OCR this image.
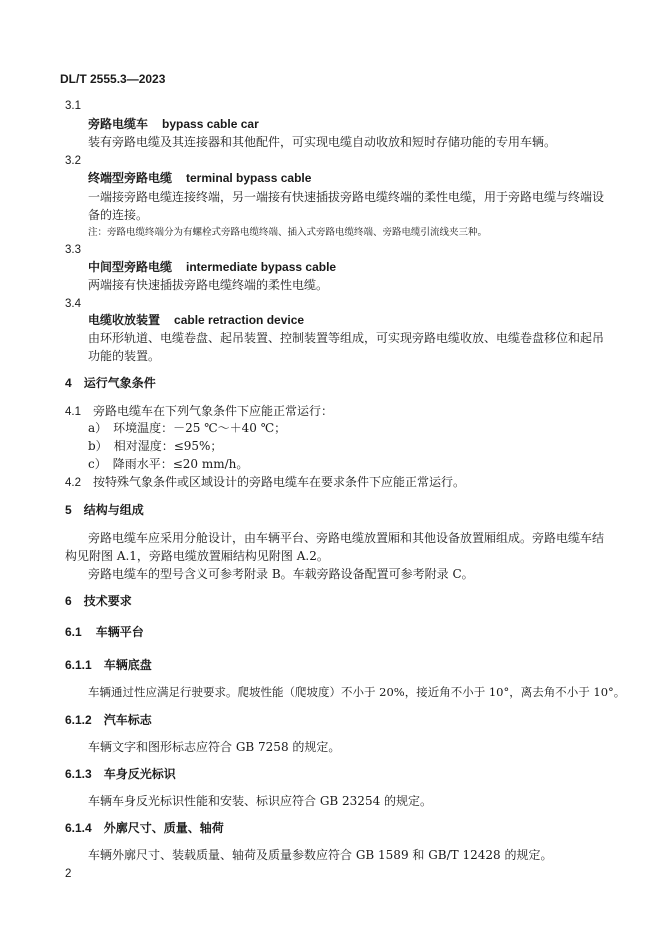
DL/T 2555.3—2023
3.1
旁路电缆车 bypass cable car
装有旁路电缆及其连接器和其他配件，可实现电缆自动收放和短时存储功能的专用车辆。
3.2
终端型旁路电缆 terminal bypass cable
一端接旁路电缆连接终端，另一端接有快速插拔旁路电缆终端的柔性电缆，用于旁路电缆与终端设
备的连接。
注：旁路电缆终端分为有螺栓式旁路电缆终端、插入式旁路电缆终端、旁路电缆引流线夹三种。
3.3
中间型旁路电缆 intermediate bypass cable
两端接有快速插拔旁路电缆终端的柔性电缆。
3.4
电缆收放装置 cable retraction device
由环形轨道、电缆卷盘、起吊装置、控制装置等组成，可实现旁路电缆收放、电缆卷盘移位和起吊
功能的装置。
4 运行气象条件
4.1 旁路电缆车在下列气象条件下应能正常运行：
a） 环境温度：－25 ℃～＋40 ℃；
b） 相对湿度：≤95%；
c） 降雨水平：≤20 mm/h。
4.2 按特殊气象条件或区域设计的旁路电缆车在要求条件下应能正常运行。
5 结构与组成
旁路电缆车应采用分舱设计，由车辆平台、旁路电缆放置厢和其他设备放置厢组成。旁路电缆车结
构见附图 A.1，旁路电缆放置厢结构见附图 A.2。
旁路电缆车的型号含义可参考附录 B。车载旁路设备配置可参考附录 C。
6 技术要求
6.1 车辆平台
6.1.1 车辆底盘
车辆通过性应满足行驶要求。爬坡性能（爬坡度）不小于 20%，接近角不小于 10°，离去角不小于 10°。
6.1.2 汽车标志
车辆文字和图形标志应符合 GB 7258 的规定。
6.1.3 车身反光标识
车辆车身反光标识性能和安装、标识应符合 GB 23254 的规定。
6.1.4 外廓尺寸、质量、轴荷
车辆外廓尺寸、装载质量、轴荷及质量参数应符合 GB 1589 和 GB/T 12428 的规定。
2
